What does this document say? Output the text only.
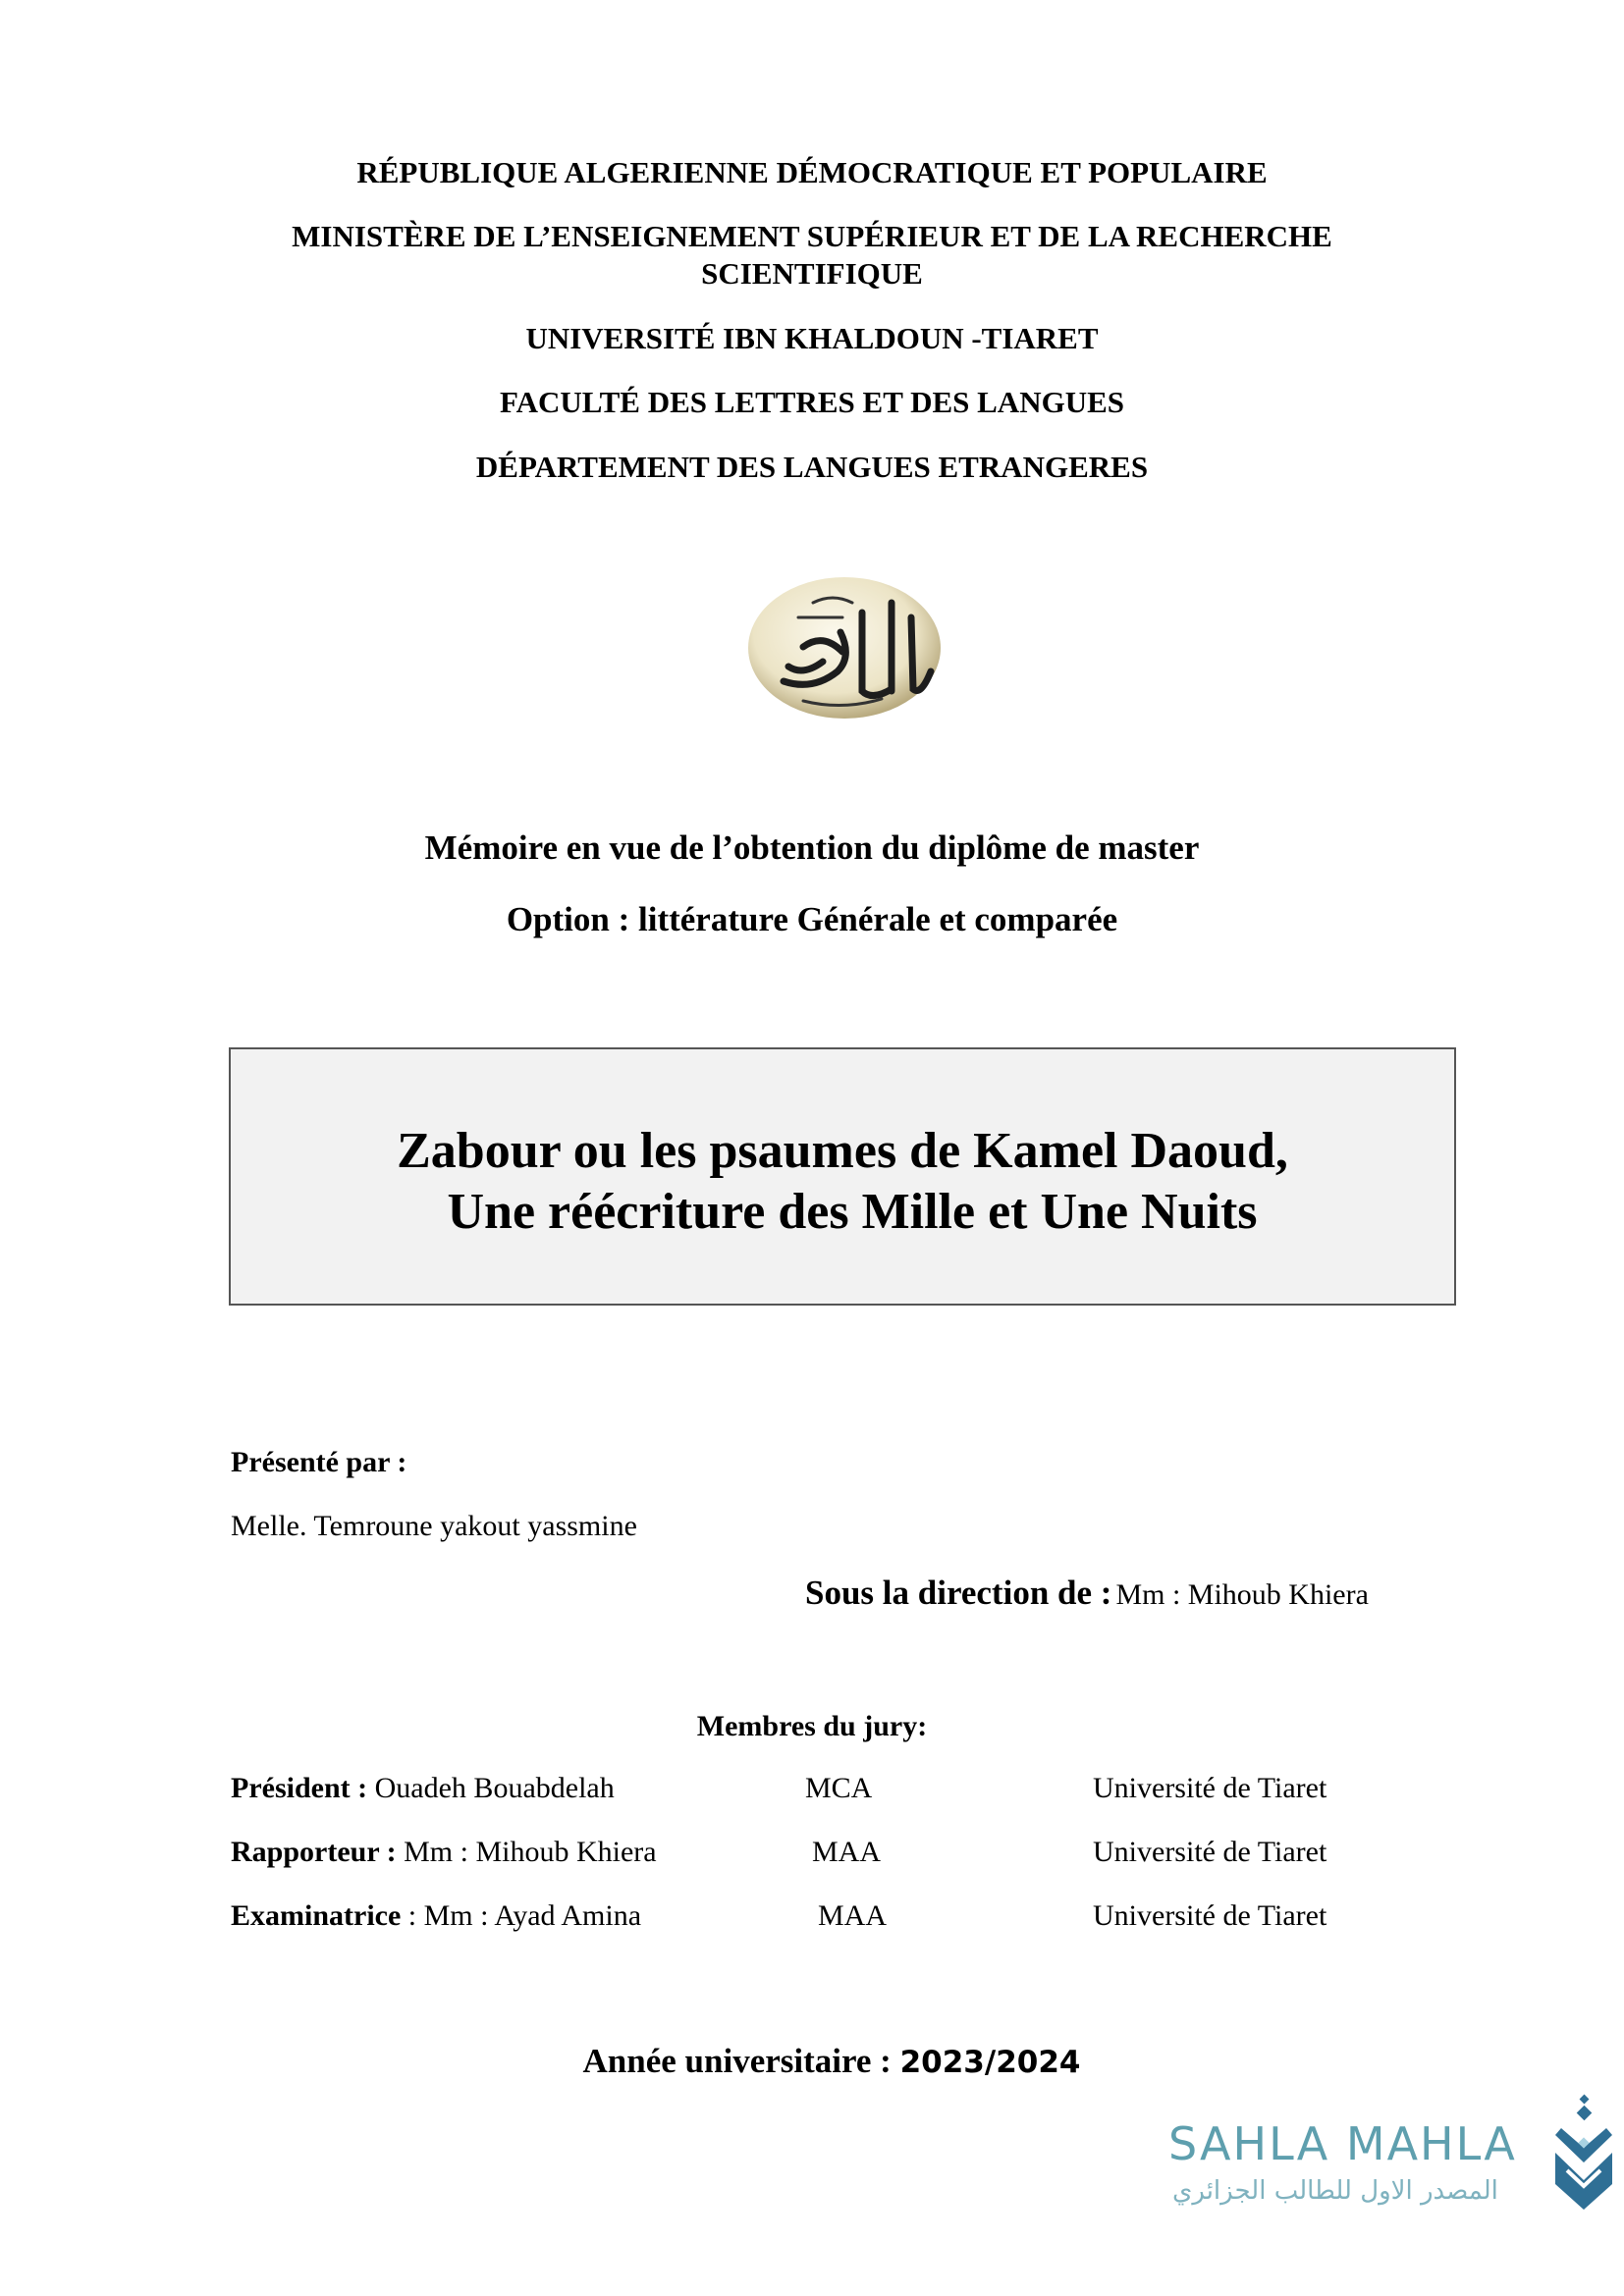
RÉPUBLIQUE ALGERIENNE DÉMOCRATIQUE ET POPULAIRE
MINISTÈRE DE L’ENSEIGNEMENT SUPÉRIEUR ET DE LA RECHERCHE
SCIENTIFIQUE
UNIVERSITÉ IBN KHALDOUN -TIARET
FACULTÉ DES LETTRES ET DES LANGUES
DÉPARTEMENT DES LANGUES ETRANGERES
Mémoire en vue de l’obtention du diplôme de master
Option : littérature Générale et comparée
Zabour ou les psaumes de Kamel Daoud,
Une réécriture des Mille et Une Nuits
Présenté par :
Melle. Temroune yakout yassmine
Sous la direction de : Mm : Mihoub Khiera
Membres du jury:
Président : Ouadeh Bouabdelah	MCA	Université de Tiaret
Rapporteur : Mm : Mihoub Khiera	MAA	Université de Tiaret
Examinatrice : Mm : Ayad Amina	MAA	Université de Tiaret
Année universitaire : 2023/2024
SAHLA MAHLA
المصدر الاول للطالب الجزائري
